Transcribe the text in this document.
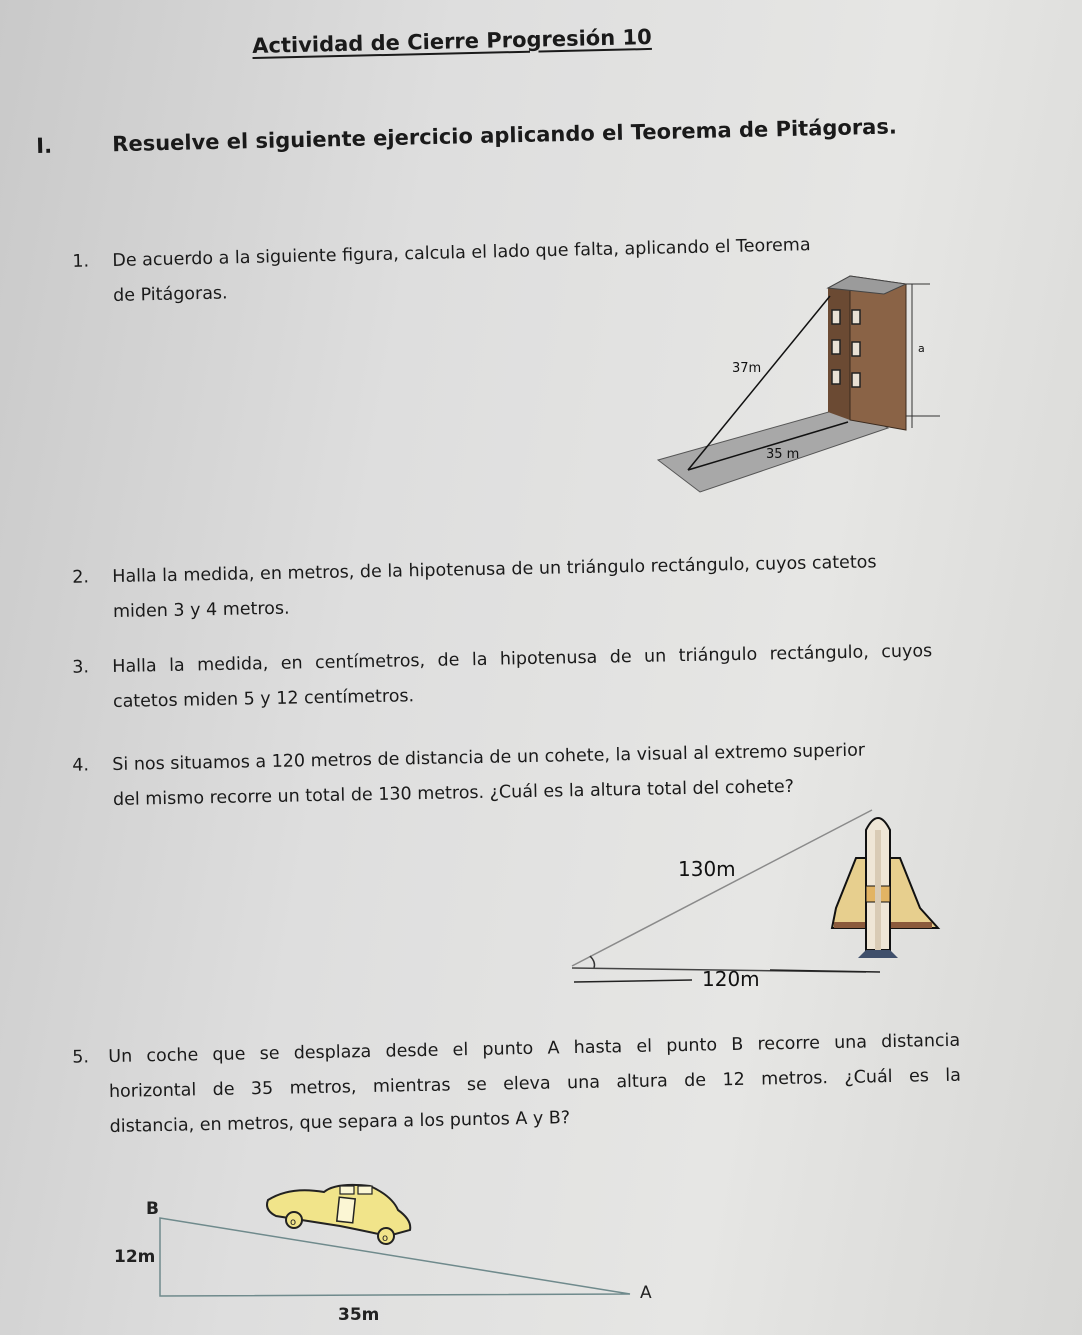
Actividad de Cierre Progresión 10
I.	Resuelve el siguiente ejercicio aplicando el Teorema de Pitágoras.
1. De acuerdo a la siguiente figura, calcula el lado que falta, aplicando el Teorema

de Pitágoras.

37m
35 m
a
2. Halla la medida, en metros, de la hipotenusa de un triángulo rectángulo, cuyos catetos

miden 3 y 4 metros.

3. Halla la medida, en centímetros, de la hipotenusa de un triángulo rectángulo, cuyos

catetos miden 5 y 12 centímetros.

4. Si nos situamos a 120 metros de distancia de un cohete, la visual al extremo superior

del mismo recorre un total de 130 metros. ¿Cuál es la altura total del cohete?

130m
120m
5. Un coche que se desplaza desde el punto A hasta el punto B recorre una distancia

horizontal de 35 metros, mientras se eleva una altura de 12 metros. ¿Cuál es la

distancia, en metros, que separa a los puntos A y B?

o
o
B
12m
A
35m
